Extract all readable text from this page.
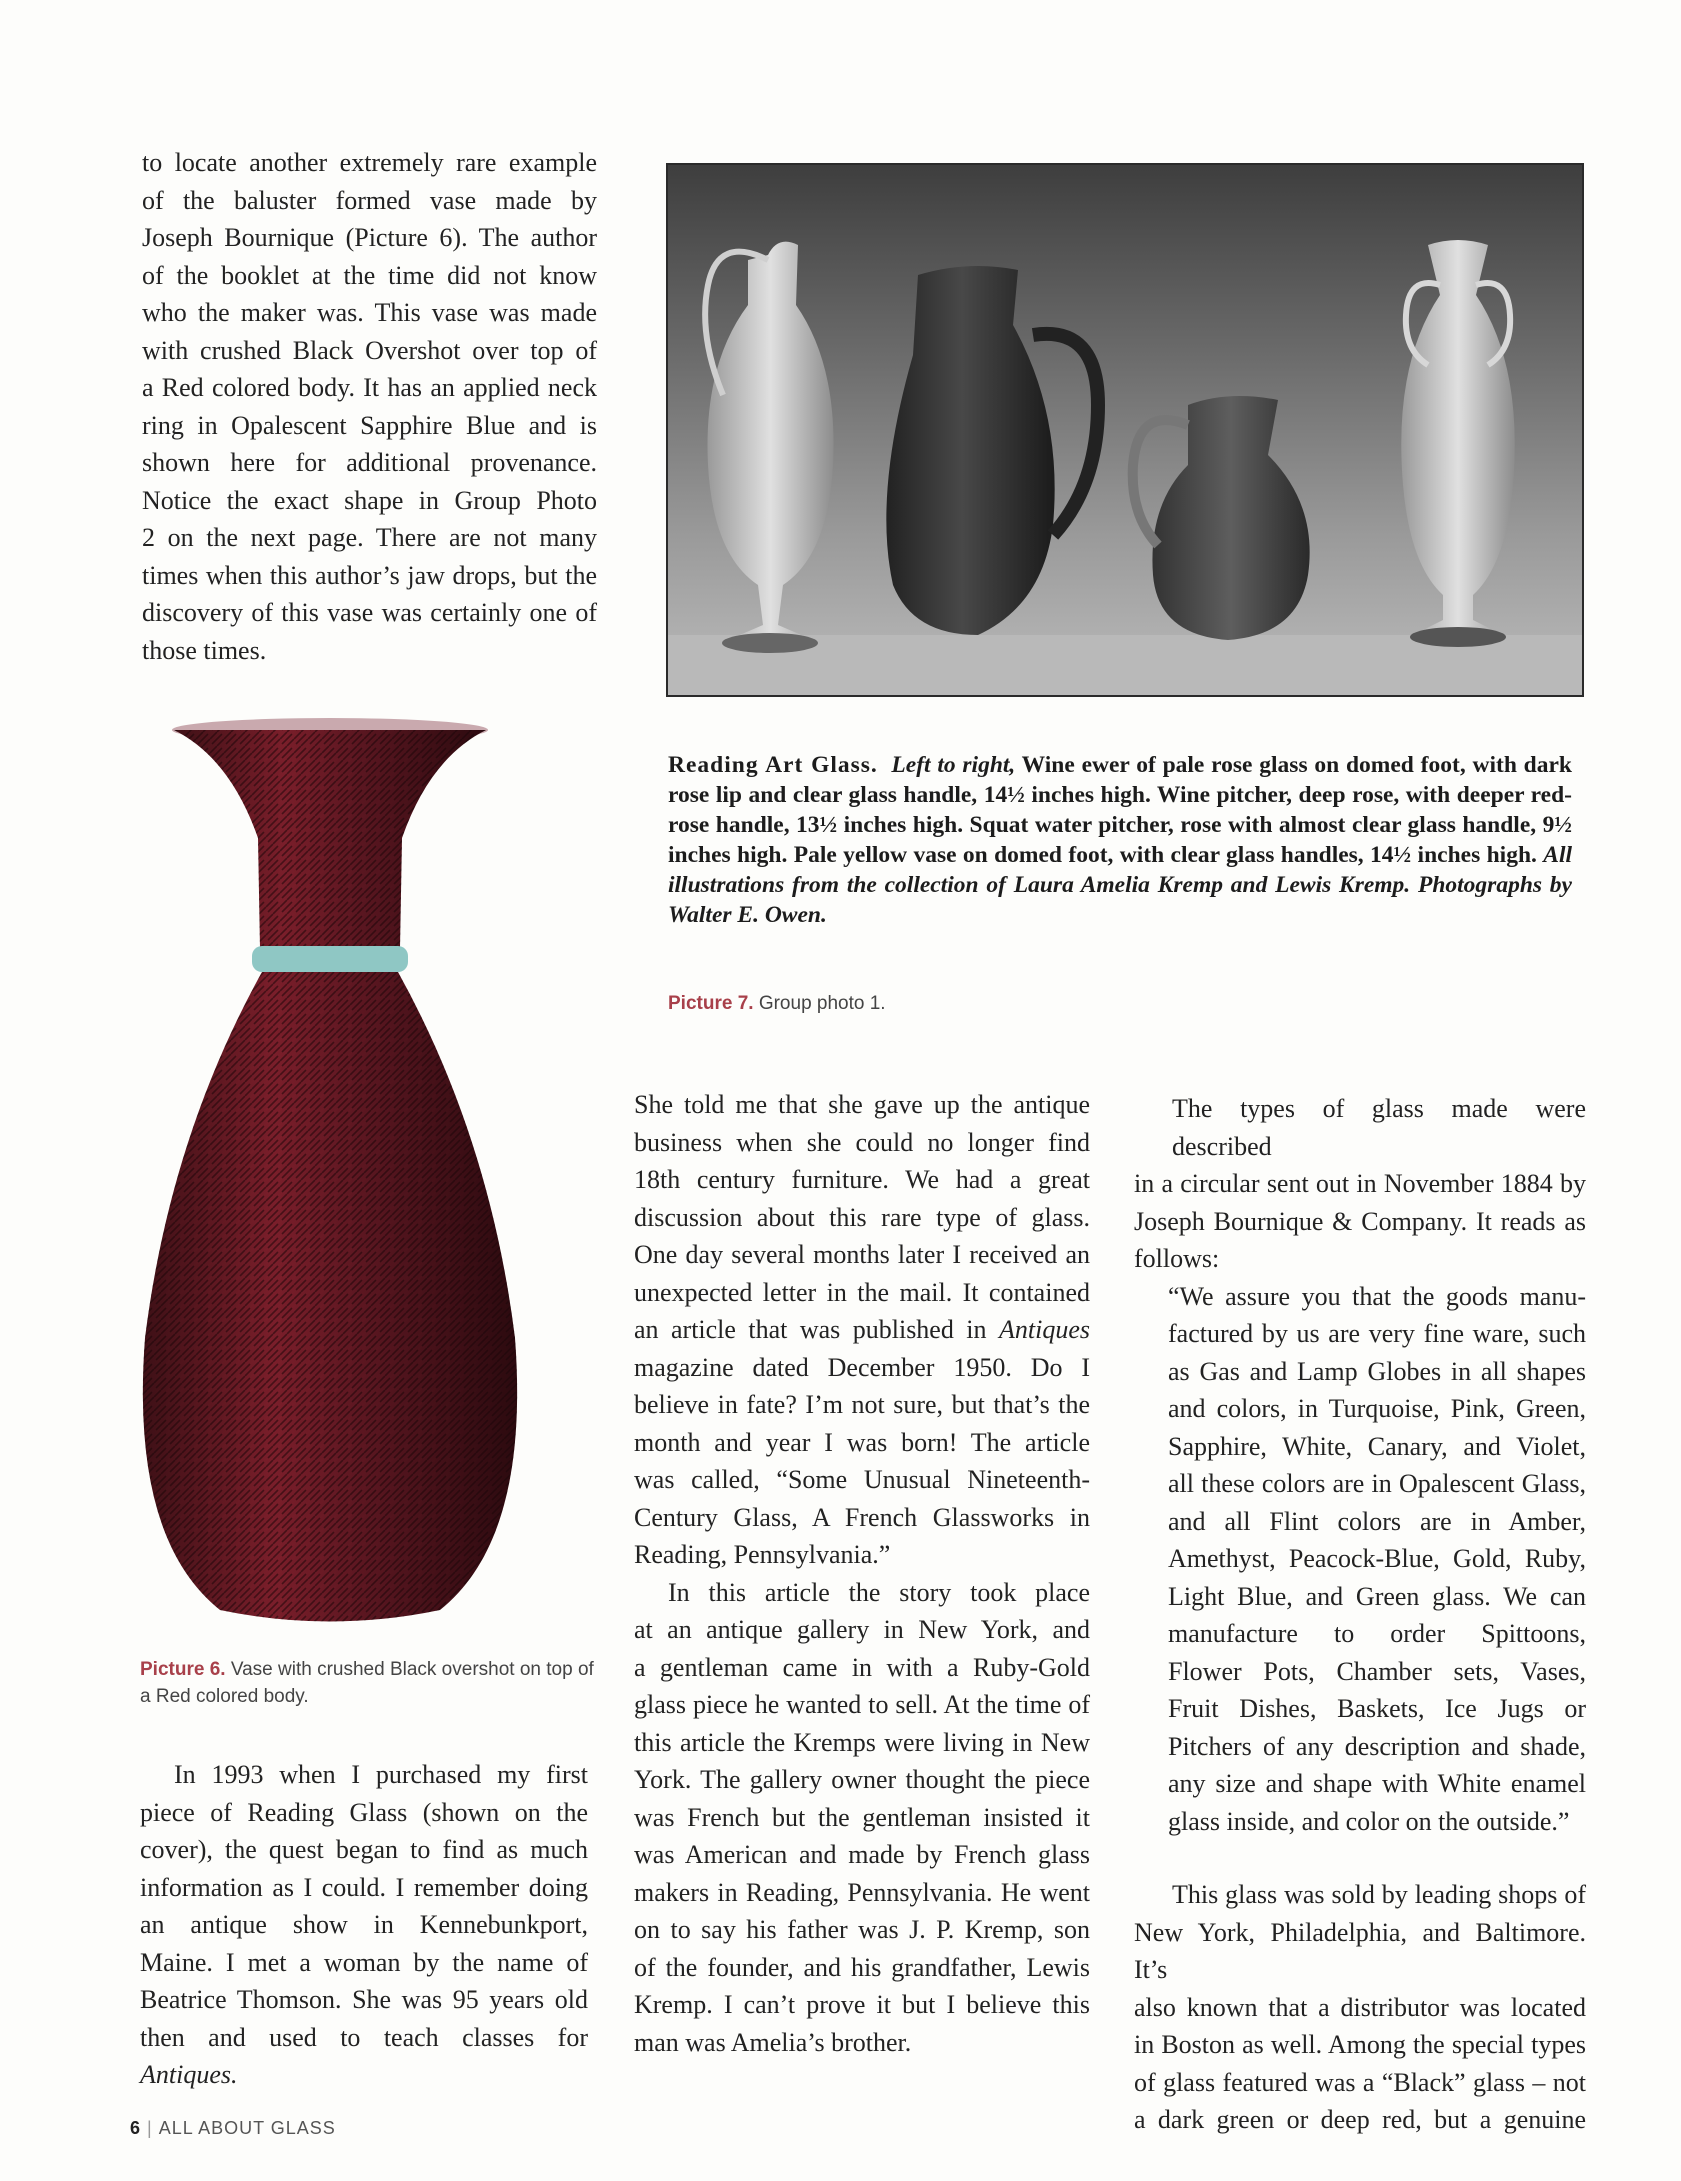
to locate another extremely rare example
of the baluster formed vase made by
Joseph Bournique (Picture 6). The author
of the booklet at the time did not know
who the maker was. This vase was made
with crushed Black Overshot over top of
a Red colored body. It has an applied neck
ring in Opalescent Sapphire Blue and is
shown here for additional provenance.
Notice the exact shape in Group Photo
2 on the next page. There are not many
times when this author’s jaw drops, but the
discovery of this vase was certainly one of
those times.
Reading Art Glass. Left to right, Wine ewer of pale rose glass on domed foot, with dark rose lip and clear glass handle, 14½ inches high. Wine pitcher, deep rose, with deeper red-rose handle, 13½ inches high. Squat water pitcher, rose with almost clear glass handle, 9½ inches high. Pale yellow vase on domed foot, with clear glass handles, 14½ inches high. All illustrations from the collection of Laura Amelia Kremp and Lewis Kremp. Photographs by Walter E. Owen.

Picture 7. Group photo 1.

Picture 6. Vase with crushed Black overshot on top of a Red colored body.

In 1993 when I purchased my first
piece of Reading Glass (shown on the
cover), the quest began to find as much
information as I could. I remember doing
an antique show in Kennebunkport,
Maine. I met a woman by the name of
Beatrice Thomson. She was 95 years old
then and used to teach classes for Antiques.
She told me that she gave up the antique
business when she could no longer find
18th century furniture. We had a great
discussion about this rare type of glass.
One day several months later I received an
unexpected letter in the mail. It contained
an article that was published in Antiques
magazine dated December 1950. Do I
believe in fate? I’m not sure, but that’s the
month and year I was born! The article
was called, “Some Unusual Nineteenth-
Century Glass, A French Glassworks in
Reading, Pennsylvania.”
In this article the story took place
at an antique gallery in New York, and
a gentleman came in with a Ruby-Gold
glass piece he wanted to sell. At the time of
this article the Kremps were living in New
York. The gallery owner thought the piece
was French but the gentleman insisted it
was American and made by French glass
makers in Reading, Pennsylvania. He went
on to say his father was J. P. Kremp, son
of the founder, and his grandfather, Lewis
Kremp. I can’t prove it but I believe this
man was Amelia’s brother.
The types of glass made were described
in a circular sent out in November 1884 by
Joseph Bournique & Company. It reads as
follows:
“We assure you that the goods manu-
factured by us are very fine ware, such
as Gas and Lamp Globes in all shapes
and colors, in Turquoise, Pink, Green,
Sapphire, White, Canary, and Violet,
all these colors are in Opalescent Glass,
and all Flint colors are in Amber,
Amethyst, Peacock-Blue, Gold, Ruby,
Light Blue, and Green glass. We can
manufacture to order Spittoons,
Flower Pots, Chamber sets, Vases,
Fruit Dishes, Baskets, Ice Jugs or
Pitchers of any description and shade,
any size and shape with White enamel
glass inside, and color on the outside.”
This glass was sold by leading shops of
New York, Philadelphia, and Baltimore. It’s
also known that a distributor was located
in Boston as well. Among the special types
of glass featured was a “Black” glass – not
a dark green or deep red, but a genuine
6 | ALL ABOUT GLASS
